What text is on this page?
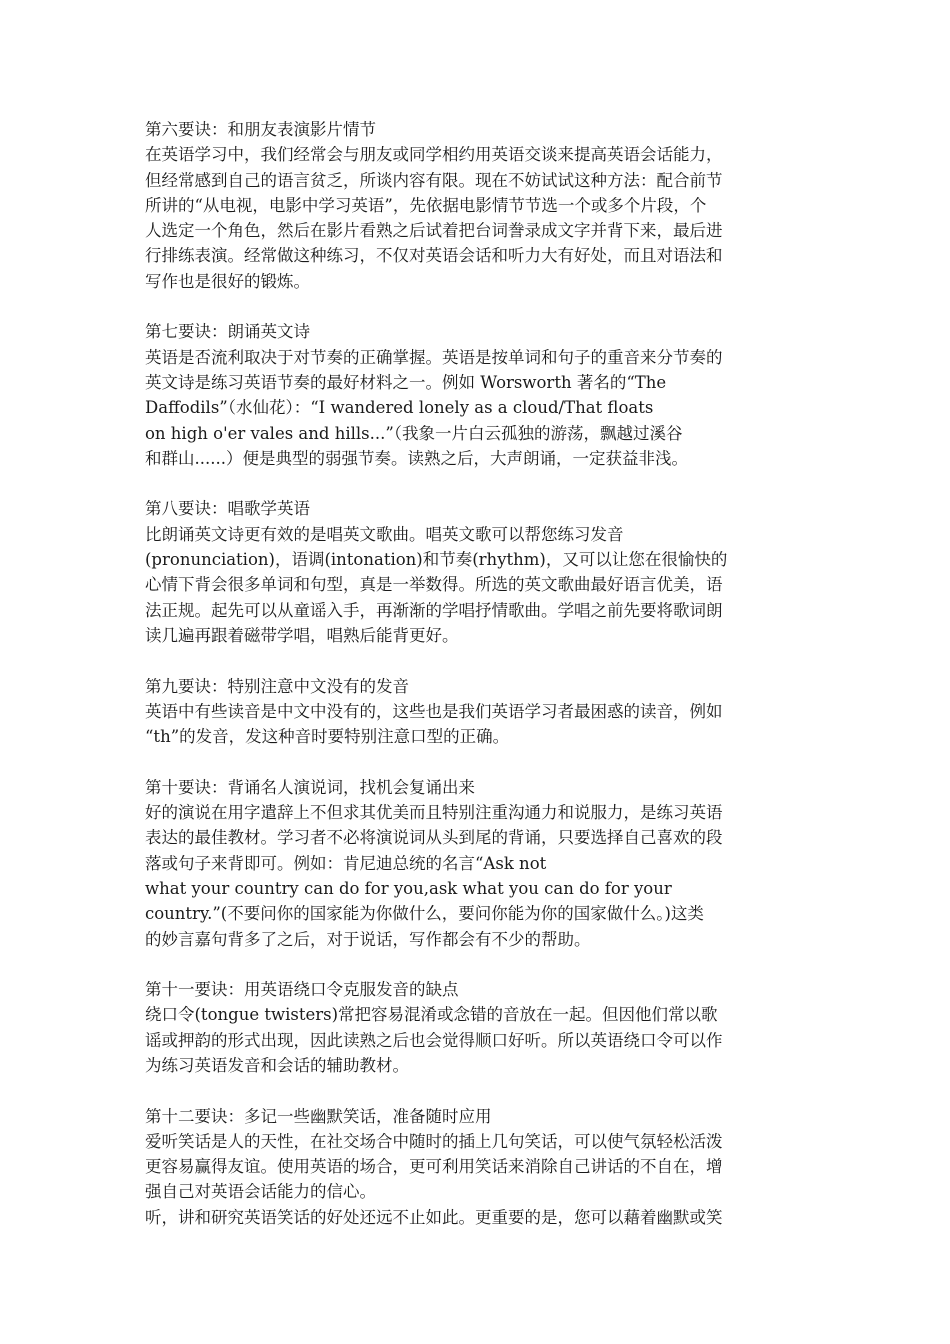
第六要诀：和朋友表演影片情节
在英语学习中，我们经常会与朋友或同学相约用英语交谈来提高英语会话能力，
但经常感到自己的语言贫乏，所谈内容有限。现在不妨试试这种方法：配合前节
所讲的“从电视，电影中学习英语”，先依据电影情节节选一个或多个片段，个
人选定一个角色，然后在影片看熟之后试着把台词誊录成文字并背下来，最后进
行排练表演。经常做这种练习，不仅对英语会话和听力大有好处，而且对语法和
写作也是很好的锻炼。
第七要诀：朗诵英文诗
英语是否流利取决于对节奏的正确掌握。英语是按单词和句子的重音来分节奏的
英文诗是练习英语节奏的最好材料之一。例如 Worsworth 著名的“The
Daffodils”（水仙花）：“I wandered lonely as a cloud/That floats
on high o'er vales and hills...”（我象一片白云孤独的游荡，飘越过溪谷
和群山......）便是典型的弱强节奏。读熟之后，大声朗诵，一定获益非浅。
第八要诀：唱歌学英语
比朗诵英文诗更有效的是唱英文歌曲。唱英文歌可以帮您练习发音
(pronunciation)，语调(intonation)和节奏(rhythm)，又可以让您在很愉快的
心情下背会很多单词和句型，真是一举数得。所选的英文歌曲最好语言优美，语
法正规。起先可以从童谣入手，再渐渐的学唱抒情歌曲。学唱之前先要将歌词朗
读几遍再跟着磁带学唱，唱熟后能背更好。
第九要诀：特别注意中文没有的发音
英语中有些读音是中文中没有的，这些也是我们英语学习者最困惑的读音，例如
“th”的发音，发这种音时要特别注意口型的正确。
第十要诀：背诵名人演说词，找机会复诵出来
好的演说在用字遣辞上不但求其优美而且特别注重沟通力和说服力，是练习英语
表达的最佳教材。学习者不必将演说词从头到尾的背诵，只要选择自己喜欢的段
落或句子来背即可。例如：肯尼迪总统的名言“Ask not
what your country can do for you,ask what you can do for your
country.”(不要问你的国家能为你做什么，要问你能为你的国家做什么。)这类
的妙言嘉句背多了之后，对于说话，写作都会有不少的帮助。
第十一要诀：用英语绕口令克服发音的缺点
绕口令(tongue twisters)常把容易混淆或念错的音放在一起。但因他们常以歌
谣或押韵的形式出现，因此读熟之后也会觉得顺口好听。所以英语绕口令可以作
为练习英语发音和会话的辅助教材。
第十二要诀：多记一些幽默笑话，准备随时应用
爱听笑话是人的天性，在社交场合中随时的插上几句笑话，可以使气氛轻松活泼
更容易赢得友谊。使用英语的场合，更可利用笑话来消除自己讲话的不自在，增
强自己对英语会话能力的信心。
听，讲和研究英语笑话的好处还远不止如此。更重要的是，您可以藉着幽默或笑
